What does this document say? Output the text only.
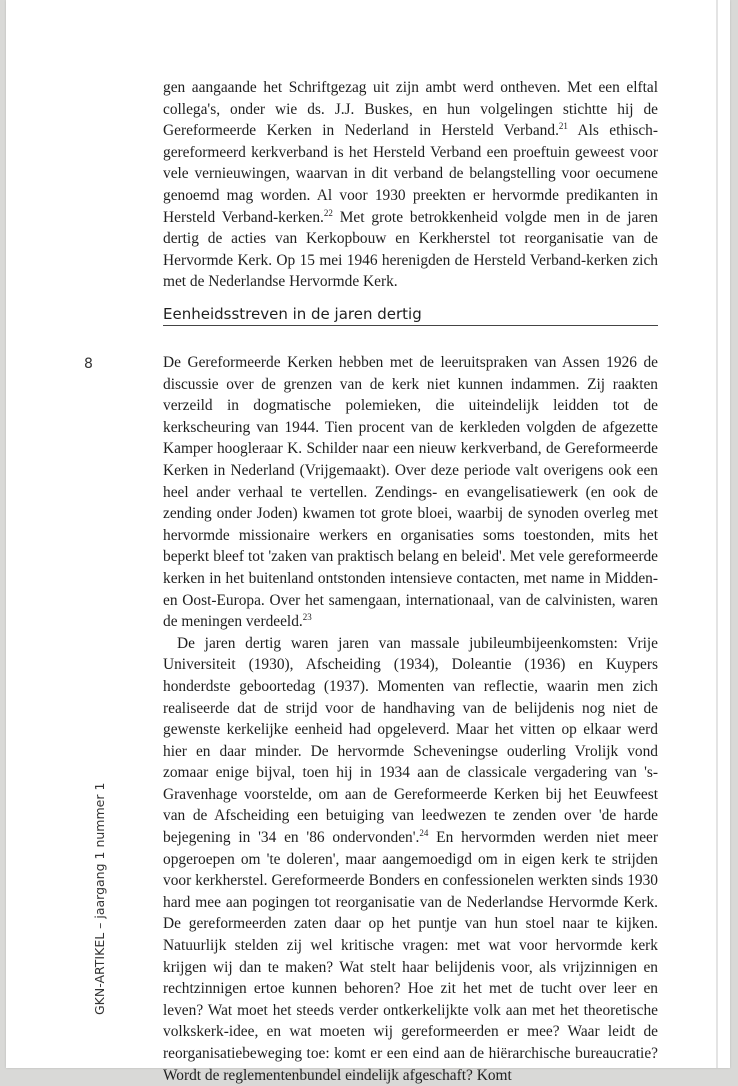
gen aangaande het Schriftgezag uit zijn ambt werd ontheven. Met een elftal collega's, onder wie ds. J.J. Buskes, en hun volgelingen stichtte hij de Gereformeerde Kerken in Nederland in Hersteld Verband.$^{21}$ Als ethisch-gereformeerd kerkverband is het Hersteld Verband een proeftuin geweest voor vele vernieuwingen, waarvan in dit verband de belangstelling voor oecumene genoemd mag worden. Al voor 1930 preekten er hervormde predikanten in Hersteld Verband-kerken.$^{22}$ Met grote betrokkenheid volgde men in de jaren dertig de acties van Kerkopbouw en Kerkherstel tot reorganisatie van de Hervormde Kerk. Op 15 mei 1946 herenigden de Hersteld Verband-kerken zich met de Nederlandse Hervormde Kerk.

Eenheidsstreven in de jaren dertig
8	De Gereformeerde Kerken hebben met de leeruitspraken van Assen 1926 de discussie over de grenzen van de kerk niet kunnen indammen. Zij raakten verzeild in dogmatische polemieken, die uiteindelijk leidden tot de kerkscheuring van 1944. Tien procent van de kerkleden volgden de afgezette Kamper hoogleraar K. Schilder naar een nieuw kerkverband, de Gereformeerde Kerken in Nederland (Vrijgemaakt). Over deze periode valt overigens ook een heel ander verhaal te vertellen. Zendings- en evangelisatiewerk (en ook de zending onder Joden) kwamen tot grote bloei, waarbij de synoden overleg met hervormde missionaire werkers en organisaties soms toestonden, mits het beperkt bleef tot 'zaken van praktisch belang en beleid'. Met vele gereformeerde kerken in het buitenland ontstonden intensieve contacten, met name in Midden- en Oost-Europa. Over het samengaan, internationaal, van de calvinisten, waren de meningen verdeeld.$^{23}$

De jaren dertig waren jaren van massale jubileumbijeenkomsten: Vrije Universiteit (1930), Afscheiding (1934), Doleantie (1936) en Kuypers honderdste geboortedag (1937). Momenten van reflectie, waarin men zich realiseerde dat de strijd voor de handhaving van de belijdenis nog niet de gewenste kerkelijke eenheid had opgeleverd. Maar het vitten op elkaar werd hier en daar minder. De hervormde Scheveningse ouderling Vrolijk vond zomaar enige bijval, toen hij in 1934 aan de classicale vergadering van 's-Gravenhage voorstelde, om aan de Gereformeerde Kerken bij het Eeuwfeest van de Afscheiding een betuiging van leedwezen te zenden over 'de harde bejegening in '34 en '86 ondervonden'.$^{24}$ En hervormden werden niet meer opgeroepen om 'te doleren', maar aangemoedigd om in eigen kerk te strijden voor kerkherstel. Gereformeerde Bonders en confessionelen werkten sinds 1930 hard mee aan pogingen tot reorganisatie van de Nederlandse Hervormde Kerk. De gereformeerden zaten daar op het puntje van hun stoel naar te kijken. Natuurlijk stelden zij wel kritische vragen: met wat voor hervormde kerk krijgen wij dan te maken? Wat stelt haar belijdenis voor, als vrijzinnigen en rechtzinnigen ertoe kunnen behoren? Hoe zit het met de tucht over leer en leven? Wat moet het steeds verder ontkerkelijkte volk aan met het theoretische volkskerk-idee, en wat moeten wij gereformeerden er mee? Waar leidt de reorganisatiebeweging toe: komt er een eind aan de hiërarchische bureaucratie? Wordt de reglementenbundel eindelijk afgeschaft? Komt

GKN-ARTIKEL – jaargang 1 nummer 1
